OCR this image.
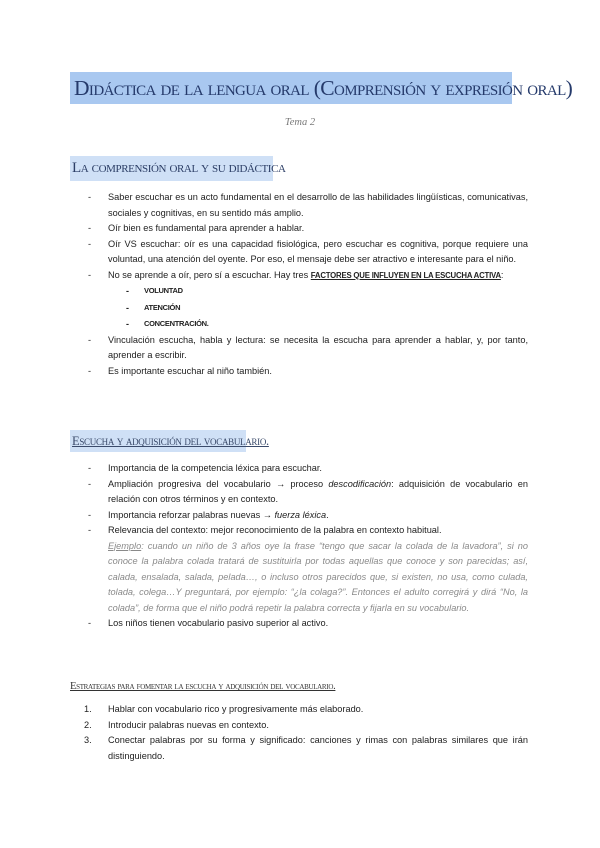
Didáctica de la lengua oral (Comprensión y expresión oral)
Tema 2
La comprensión oral y su didáctica
- Saber escuchar es un acto fundamental en el desarrollo de las habilidades lingüísticas, comunicativas, sociales y cognitivas, en su sentido más amplio.
- Oír bien es fundamental para aprender a hablar.
- Oír VS escuchar: oír es una capacidad fisiológica, pero escuchar es cognitiva, porque requiere una voluntad, una atención del oyente. Por eso, el mensaje debe ser atractivo e interesante para el niño.
- No se aprende a oír, pero sí a escuchar. Hay tres FACTORES QUE INFLUYEN EN LA ESCUCHA ACTIVA:
- VOLUNTAD
- ATENCIÓN
- CONCENTRACIÓN.
- Vinculación escucha, habla y lectura: se necesita la escucha para aprender a hablar, y, por tanto, aprender a escribir.
- Es importante escuchar al niño también.
Escucha y adquisición del vocabulario.
- Importancia de la competencia léxica para escuchar.
- Ampliación progresiva del vocabulario → proceso descodificación: adquisición de vocabulario en relación con otros términos y en contexto.
- Importancia reforzar palabras nuevas → fuerza léxica.
- Relevancia del contexto: mejor reconocimiento de la palabra en contexto habitual.
Ejemplo: cuando un niño de 3 años oye la frase “tengo que sacar la colada de la lavadora”, si no conoce la palabra colada tratará de sustituirla por todas aquellas que conoce y son parecidas; así, calada, ensalada, salada, pelada…, o incluso otros parecidos que, si existen, no usa, como culada, tolada, colega…Y preguntará, por ejemplo: “¿la colaga?”. Entonces el adulto corregirá y dirá “No, la colada”, de forma que el niño podrá repetir la palabra correcta y fijarla en su vocabulario.
- Los niños tienen vocabulario pasivo superior al activo.
Estrategias para fomentar la escucha y adquisición del vocabulario.
1. Hablar con vocabulario rico y progresivamente más elaborado.
2. Introducir palabras nuevas en contexto.
3. Conectar palabras por su forma y significado: canciones y rimas con palabras similares que irán distinguiendo.
